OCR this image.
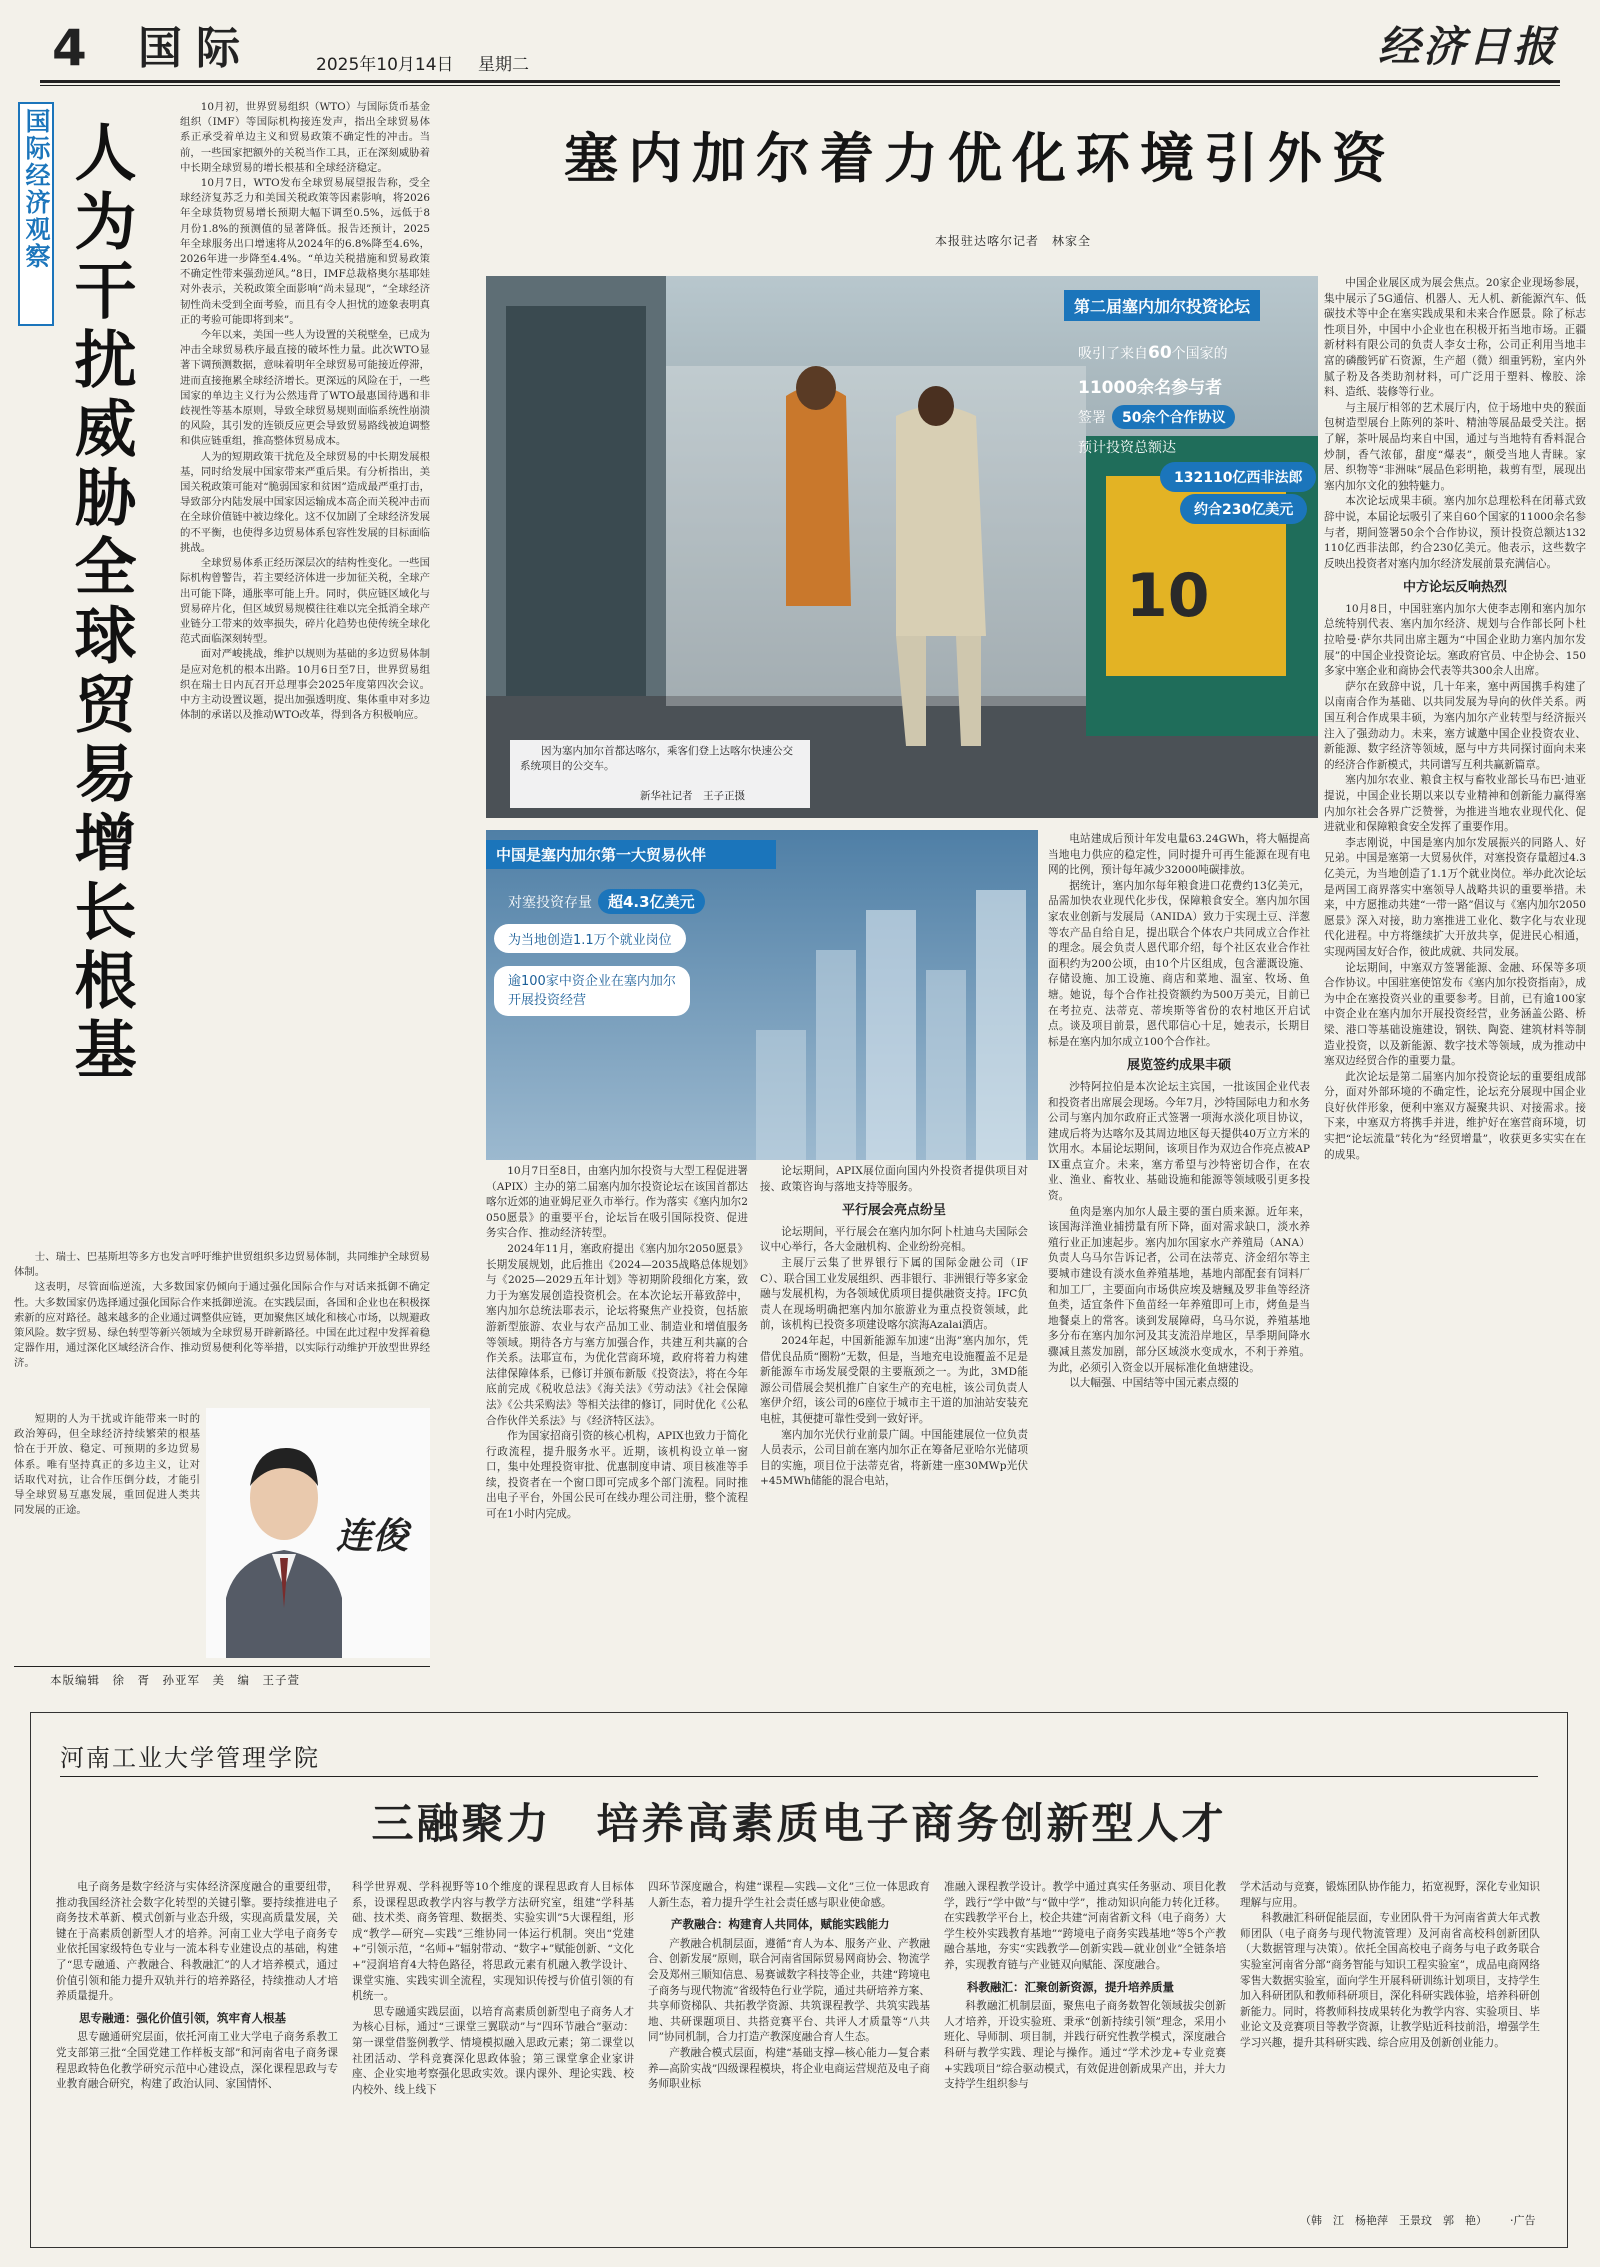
4 国际	2025年10月14日 星期二	经济日报
国际经济观察 人为干扰威胁全球贸易增长根基

10月初，世界贸易组织（WTO）与国际货币基金组织（IMF）等国际机构接连发声，指出全球贸易体系正承受着单边主义和贸易政策不确定性的冲击。当前，一些国家把额外的关税当作工具，正在深刻威胁着中长期全球贸易的增长根基和全球经济稳定。

10月7日，WTO发布全球贸易展望报告称，受全球经济复苏乏力和美国关税政策等因素影响，将2026年全球货物贸易增长预期大幅下调至0.5%，远低于8月份1.8%的预测值的显著降低。报告还预计，2025年全球服务出口增速将从2024年的6.8%降至4.6%，2026年进一步降至4.4%。“单边关税措施和贸易政策不确定性带来强劲逆风。”8日，IMF总裁格奥尔基耶娃对外表示，关税政策全面影响“尚未显现”，“全球经济韧性尚未受到全面考验，而且有令人担忧的迹象表明真正的考验可能即将到来”。

今年以来，美国一些人为设置的关税壁垒，已成为冲击全球贸易秩序最直接的破坏性力量。此次WTO显著下调预测数据，意味着明年全球贸易可能接近停滞，进而直接拖累全球经济增长。更深远的风险在于，一些国家的单边主义行为公然违背了WTO最惠国待遇和非歧视性等基本原则，导致全球贸易规则面临系统性崩溃的风险，其引发的连锁反应更会导致贸易路线被迫调整和供应链重组，推高整体贸易成本。

人为的短期政策干扰危及全球贸易的中长期发展根基，同时给发展中国家带来严重后果。有分析指出，美国关税政策可能对“脆弱国家和贫困”造成最严重打击，导致部分内陆发展中国家因运输成本高企而关税冲击而在全球价值链中被边缘化。这不仅加剧了全球经济发展的不平衡，也使得多边贸易体系包容性发展的目标面临挑战。

全球贸易体系正经历深层次的结构性变化。一些国际机构曾警告，若主要经济体进一步加征关税，全球产出可能下降，通胀率可能上升。同时，供应链区域化与贸易碎片化，但区域贸易规模往往难以完全抵消全球产业链分工带来的效率损失，碎片化趋势也使传统全球化范式面临深刻转型。

面对严峻挑战，维护以规则为基础的多边贸易体制是应对危机的根本出路。10月6日至7日，世界贸易组织在瑞士日内瓦召开总理事会2025年度第四次会议。中方主动设置议题，提出加强透明度、集体重申对多边体制的承诺以及推动WTO改革，得到各方积极响应。

士、瑞士、巴基斯坦等多方也发言呼吁维护世贸组织多边贸易体制，共同维护全球贸易体制。

这表明，尽管面临逆流，大多数国家仍倾向于通过强化国际合作与对话来抵御不确定性。大多数国家仍选择通过强化国际合作来抵御逆流。在实践层面，各国和企业也在积极探索新的应对路径。越来越多的企业通过调整供应链，更加聚焦区域化和核心市场，以规避政策风险。数字贸易、绿色转型等新兴领域为全球贸易开辟新路径。中国在此过程中发挥着稳定器作用，通过深化区域经济合作、推动贸易便利化等举措，以实际行动维护开放型世界经济。

短期的人为干扰或许能带来一时的政治筹码，但全球经济持续繁荣的根基恰在于开放、稳定、可预期的多边贸易体系。唯有坚持真正的多边主义，让对话取代对抗，让合作压倒分歧，才能引导全球贸易互惠发展，重回促进人类共同发展的正途。

连俊
本版编辑　徐　胥　孙亚军　美　编　王子萱
塞内加尔着力优化环境引外资
本报驻达喀尔记者　林家全
10
第二届塞内加尔投资论坛
吸引了来自60个国家的
11000余名参与者
签署 50余个合作协议
预计投资总额达
132110亿西非法郎
约合230亿美元
因为塞内加尔首都达喀尔，乘客们登上达喀尔快速公交系统项目的公交车。
新华社记者　王子正摄
中国是塞内加尔第一大贸易伙伴
对塞投资存量 超4.3亿美元
为当地创造1.1万个就业岗位
逾100家中资企业在塞内加尔
开展投资经营

10月7日至8日，由塞内加尔投资与大型工程促进署（APIX）主办的第二届塞内加尔投资论坛在该国首都达喀尔近郊的迪亚姆尼亚久市举行。作为落实《塞内加尔2050愿景》的重要平台，论坛旨在吸引国际投资、促进务实合作、推动经济转型。

2024年11月，塞政府提出《塞内加尔2050愿景》长期发展规划，此后推出《2024—2035战略总体规划》与《2025—2029五年计划》等初期阶段细化方案，致力于为塞发展创造投资机会。在本次论坛开幕致辞中，塞内加尔总统法耶表示，论坛将聚焦产业投资，包括旅游新型旅游、农业与农产品加工业、制造业和增值服务等领域。期待各方与塞方加强合作，共建互利共赢的合作关系。法耶宣布，为优化营商环境，政府将着力构建法律保障体系，已修订并颁布新版《投资法》，将在今年底前完成《税收总法》《海关法》《劳动法》《社会保障法》《公共采购法》等相关法律的修订，同时优化《公私合作伙伴关系法》与《经济特区法》。

作为国家招商引资的核心机构，APIX也致力于简化行政流程，提升服务水平。近期，该机构设立单一窗口，集中处理投资审批、优惠制度申请、项目核准等手续，投资者在一个窗口即可完成多个部门流程。同时推出电子平台，外国公民可在线办理公司注册，整个流程可在1小时内完成。

论坛期间，APIX展位面向国内外投资者提供项目对接、政策咨询与落地支持等服务。

平行展会亮点纷呈

论坛期间，平行展会在塞内加尔阿卜杜迪乌夫国际会议中心举行，各大金融机构、企业纷纷亮相。

主展厅云集了世界银行下属的国际金融公司（IFC）、联合国工业发展组织、西非银行、非洲银行等多家金融与发展机构，为各领域优质项目提供融资支持。IFC负责人在现场明确把塞内加尔旅游业为重点投资领域，此前，该机构已投资多项建设喀尔滨海Azalai酒店。

2024年起，中国新能源车加速“出海”塞内加尔，凭借优良品质“圈粉”无数，但是，当地充电设施覆盖不足是新能源车市场发展受限的主要瓶颈之一。为此，3MD能源公司借展会契机推广自家生产的充电桩，该公司负责人塞伊介绍，该公司的6座位于城市主干道的加油站安装充电桩，其便捷可靠性受到一致好评。

塞内加尔光伏行业前景广阔。中国能建展位一位负责人员表示，公司目前在塞内加尔正在筹备尼亚哈尔光储项目的实施，项目位于法蒂克省，将新建一座30MWp光伏+45MWh储能的混合电站，

电站建成后预计年发电量63.24GWh，将大幅提高当地电力供应的稳定性，同时提升可再生能源在现有电网的比例，预计每年减少32000吨碳排放。

据统计，塞内加尔每年粮食进口花费约13亿美元，品需加快农业现代化步伐，保障粮食安全。塞内加尔国家农业创新与发展局（ANIDA）致力于实现土豆、洋葱等农产品自给自足，提出联合个体农户共同成立合作社的理念。展会负责人恩代耶介绍，每个社区农业合作社面积约为200公顷，由10个片区组成，包含灌溉设施、存储设施、加工设施、商店和菜地、温室、牧场、鱼塘。她说，每个合作社投资额约为500万美元，目前已在考拉克、法蒂克、蒂埃斯等省份的农村地区开启试点。谈及项目前景，恩代耶信心十足，她表示，长期目标是在塞内加尔成立100个合作社。

展览签约成果丰硕

沙特阿拉伯是本次论坛主宾国，一批该国企业代表和投资者出席展会现场。今年7月，沙特国际电力和水务公司与塞内加尔政府正式签署一项海水淡化项目协议，建成后将为达喀尔及其周边地区每天提供40万立方米的饮用水。本届论坛期间，该项目作为双边合作亮点被APIX重点宣介。未来，塞方希望与沙特密切合作，在农业、渔业、畜牧业、基础设施和能源等领域吸引更多投资。

鱼肉是塞内加尔人最主要的蛋白质来源。近年来，该国海洋渔业捕捞量有所下降，面对需求缺口，淡水养殖行业正加速起步。塞内加尔国家水产养殖局（ANA）负责人乌马尔告诉记者，公司在法蒂克、济金绍尔等主要城市建设有淡水鱼养殖基地，基地内部配套有饲料厂和加工厂，主要面向市场供应埃及塘鲺及罗非鱼等经济鱼类，适宜条件下鱼苗经一年养殖即可上市，烤鱼是当地餐桌上的常客。谈到发展障碍，乌马尔说，养殖基地多分布在塞内加尔河及其支流沿岸地区，旱季期间降水骤减且蒸发加剧，部分区域淡水变成水，不利于养殖。为此，必须引入资金以开展标准化鱼塘建设。

以大幅强、中国结等中国元素点缀的

中国企业展区成为展会焦点。20家企业现场参展，集中展示了5G通信、机器人、无人机、新能源汽车、低碳技术等中企在塞实践成果和未来合作愿景。除了标志性项目外，中国中小企业也在积极开拓当地市场。正疆新材料有限公司的负责人李女士称，公司正利用当地丰富的磷酸钙矿石资源，生产超（微）细重钙粉，室内外腻子粉及各类助剂材料，可广泛用于塑料、橡胶、涂料、造纸、装修等行业。

与主展厅相邻的艺术展厅内，位于场地中央的猴面包树造型展台上陈列的茶叶、精油等展品最受关注。据了解，茶叶展品均来自中国，通过与当地特有香料混合炒制，香气浓郁，甜度“爆表”，颇受当地人青睐。家居、织物等“非洲味”展品色彩明艳，栽剪有型，展现出塞内加尔文化的独特魅力。

本次论坛成果丰硕。塞内加尔总理松科在闭幕式致辞中说，本届论坛吸引了来自60个国家的11000余名参与者，期间签署50余个合作协议，预计投资总额达132110亿西非法郎，约合230亿美元。他表示，这些数字反映出投资者对塞内加尔经济发展前景充满信心。

中方论坛反响热烈

10月8日，中国驻塞内加尔大使李志刚和塞内加尔总统特别代表、塞内加尔经济、规划与合作部长阿卜杜拉哈曼·萨尔共同出席主题为“中国企业助力塞内加尔发展”的中国企业投资论坛。塞政府官员、中企协会、150多家中塞企业和商协会代表等共300余人出席。

萨尔在致辞中说，几十年来，塞中两国携手构建了以南南合作为基础、以共同发展为导向的伙伴关系。两国互利合作成果丰硕，为塞内加尔产业转型与经济振兴注入了强劲动力。未来，塞方诚邀中国企业投资农业、新能源、数字经济等领域，愿与中方共同探讨面向未来的经济合作新模式，共同谱写互利共赢新篇章。

塞内加尔农业、粮食主权与畜牧业部长马布巴·迪亚提说，中国企业长期以来以专业精神和创新能力赢得塞内加尔社会各界广泛赞誉，为推进当地农业现代化、促进就业和保障粮食安全发挥了重要作用。

李志刚说，中国是塞内加尔发展振兴的同路人、好兄弟。中国是塞第一大贸易伙伴，对塞投资存量超过4.3亿美元，为当地创造了1.1万个就业岗位。举办此次论坛是两国工商界落实中塞领导人战略共识的重要举措。未来，中方愿推动共建“一带一路”倡议与《塞内加尔2050愿景》深入对接，助力塞推进工业化、数字化与农业现代化进程。中方将继续扩大开放共享，促进民心相通，实现两国友好合作，彼此成就、共同发展。

论坛期间，中塞双方签署能源、金融、环保等多项合作协议。中国驻塞使馆发布《塞内加尔投资指南》，成为中企在塞投资兴业的重要参考。目前，已有逾100家中资企业在塞内加尔开展投资经营，业务涵盖公路、桥梁、港口等基础设施建设，钢铁、陶瓷、建筑材料等制造业投资，以及新能源、数字技术等领域，成为推动中塞双边经贸合作的重要力量。

此次论坛是第二届塞内加尔投资论坛的重要组成部分，面对外部环境的不确定性，论坛充分展现中国企业良好伙伴形象，便利中塞双方凝聚共识、对接需求。接下来，中塞双方将携手并进，维护好在塞营商环境，切实把“论坛流量”转化为“经贸增量”，收获更多实实在在的成果。

河南工业大学管理学院
三融聚力　培养高素质电子商务创新型人才

电子商务是数字经济与实体经济深度融合的重要纽带，推动我国经济社会数字化转型的关键引擎。要持续推进电子商务技术革新、模式创新与业态升级，实现高质量发展，关键在于高素质创新型人才的培养。河南工业大学电子商务专业依托国家级特色专业与一流本科专业建设点的基础，构建了“思专融通、产教融合、科教融汇”的人才培养模式，通过价值引领和能力提升双轨并行的培养路径，持续推动人才培养质量提升。

思专融通：强化价值引领，筑牢育人根基

思专融通研究层面，依托河南工业大学电子商务系教工党支部第三批“全国党建工作样板支部”和河南省电子商务课程思政特色化教学研究示范中心建设点，深化课程思政与专业教育融合研究，构建了政治认同、家国情怀、

科学世界观、学科视野等10个维度的课程思政育人目标体系，设课程思政教学内容与教学方法研究室，组建“学科基础、技术类、商务管理、数据类、实验实训”5大课程组，形成“教学—研究—实践”三维协同一体运行机制。突出“党建+”引领示范，“名师+”辐射带动、“数字+”赋能创新、“文化+”浸润培育4大特色路径，将思政元素有机融入教学设计、课堂实施、实践实训全流程，实现知识传授与价值引领的有机统一。

思专融通实践层面，以培育高素质创新型电子商务人才为核心目标，通过“三课堂三翼联动”与“四环节融合”驱动：第一课堂借鉴例教学、情境模拟融入思政元素；第二课堂以社团活动、学科竞赛深化思政体验；第三课堂拿企业家讲座、企业实地考察强化思政实效。课内课外、理论实践、校内校外、线上线下

四环节深度融合，构建“课程—实践—文化”三位一体思政育人新生态，着力提升学生社会责任感与职业使命感。

产教融合：构建育人共同体，赋能实践能力

产教融合机制层面，遵循“育人为本、服务产业、产教融合、创新发展”原则，联合河南省国际贸易网商协会、物流学会及郑州三顺知信息、易赛诚数字科技等企业，共建“跨境电子商务与现代物流”省级特色行业学院，通过共研培养方案、共享师资梯队、共拓教学资源、共筑课程教学、共筑实践基地、共研课题项目、共搭竞赛平台、共评人才质量等“八共同”协同机制，合力打造产教深度融合育人生态。

产教融合模式层面，构建“基础支撑—核心能力—复合素养—高阶实战”四级课程模块，将企业电商运营规范及电子商务师职业标

准融入课程教学设计。教学中通过真实任务驱动、项目化教学，践行“学中做”与“做中学”，推动知识向能力转化迁移。在实践教学平台上，校企共建“河南省新文科（电子商务）大学生校外实践教育基地”“跨境电子商务实践基地”等5个产教融合基地，夯实“实践教学—创新实践—就业创业”全链条培养，实现教育链与产业链双向赋能、深度融合。

科教融汇：汇聚创新资源，提升培养质量

科教融汇机制层面，聚焦电子商务数智化领域拔尖创新人才培养，开设实验班、秉承“创新持续引领”理念，采用小班化、导师制、项目制，并践行研究性教学模式，深度融合科研与教学实践、理论与操作。通过“学术沙龙+专业竞赛+实践项目”综合驱动模式，有效促进创新成果产出，并大力支持学生组织参与

学术活动与竞赛，锻炼团队协作能力，拓宽视野，深化专业知识理解与应用。

科教融汇科研促能层面，专业团队骨干为河南省黄大年式教师团队（电子商务与现代物流管理）及河南省高校科创新团队（大数据管理与决策）。依托全国高校电子商务与电子政务联合实验室河南省分部“商务智能与知识工程实验室”，成品电商网络零售大数据实验室，面向学生开展科研训练计划项目，支持学生加入科研团队和教师科研项目，深化科研实践体验，培养科研创新能力。同时，将教师科技成果转化为教学内容、实验项目、毕业论文及竞赛项目等教学资源，让教学贴近科技前沿，增强学生学习兴趣，提升其科研实践、综合应用及创新创业能力。

（韩　江　杨艳萍　王景玟　郭　艳） ·广告
